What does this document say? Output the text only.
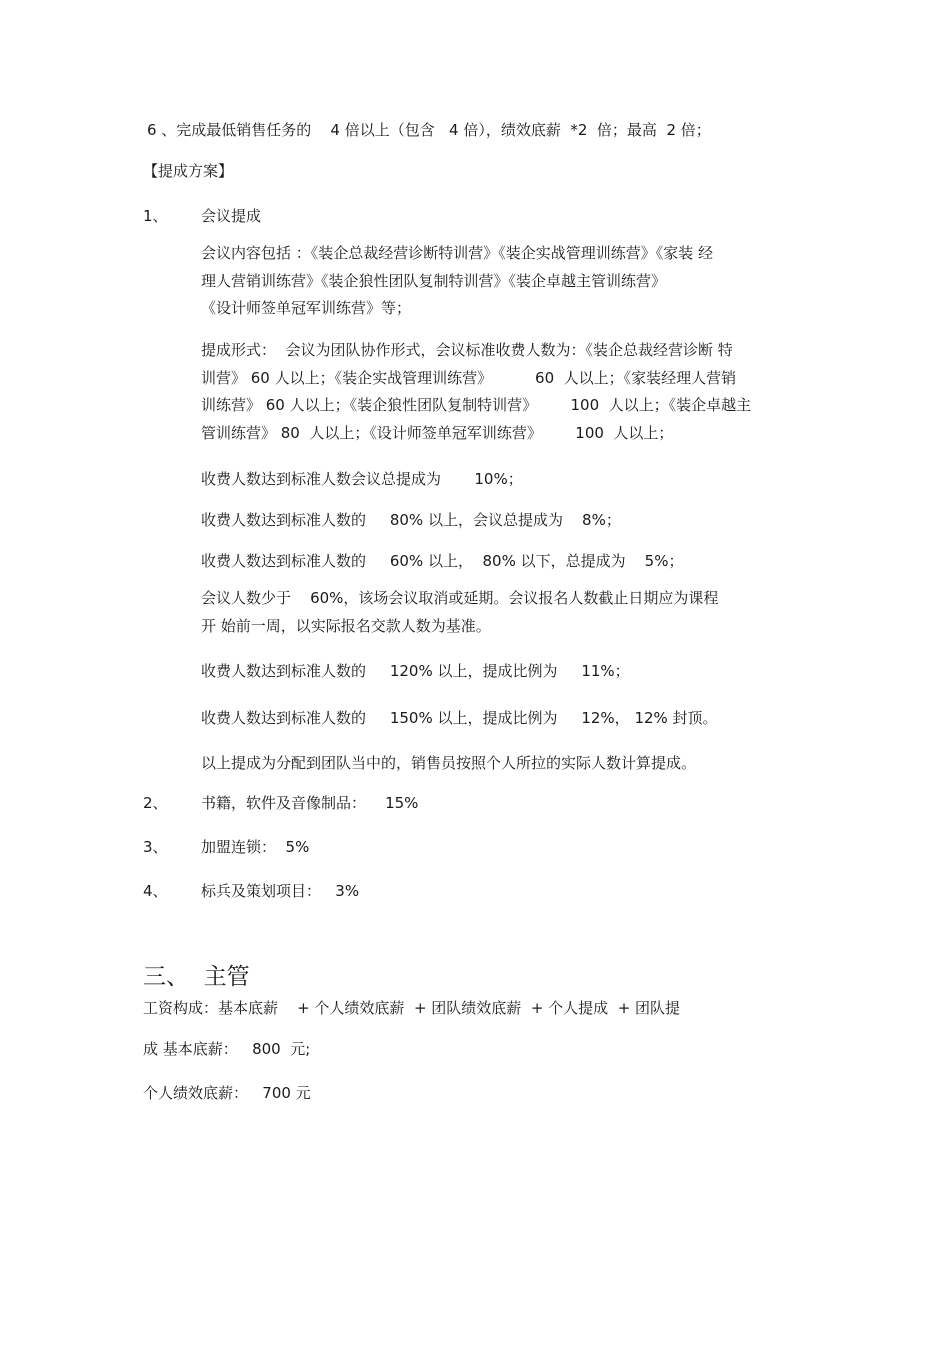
6 、完成最低销售任务的    4 倍以上（包含   4 倍），绩效底薪  *2  倍；最高  2 倍；
【提成方案】
1、 会议提成
会议内容包括 ：《装企总裁经营诊断特训营》《装企实战管理训练营》《家装 经
理人营销训练营》《装企狼性团队复制特训营》《装企卓越主管训练营》
《设计师签单冠军训练营》等；
提成形式：  会议为团队协作形式，会议标准收费人数为：《装企总裁经营诊断 特
训营》 60 人以上；《装企实战管理训练营》         60  人以上；《家装经理人营销
训练营》 60 人以上；《装企狼性团队复制特训营》       100  人以上；《装企卓越主
管训练营》 80  人以上；《设计师签单冠军训练营》       100  人以上；
收费人数达到标准人数会议总提成为       10%；
收费人数达到标准人数的     80% 以上，会议总提成为    8%；
收费人数达到标准人数的     60% 以上，  80% 以下，总提成为    5%；
会议人数少于    60%，该场会议取消或延期。会议报名人数截止日期应为课程
开 始前一周，以实际报名交款人数为基准。
收费人数达到标准人数的     120% 以上，提成比例为     11%；
收费人数达到标准人数的     150% 以上，提成比例为     12%， 12% 封顶。
以上提成为分配到团队当中的，销售员按照个人所拉的实际人数计算提成。
2、 书籍，软件及音像制品：    15%
3、 加盟连锁：  5%
4、 标兵及策划项目：   3%
三、  主管
工资构成：基本底薪    + 个人绩效底薪  + 团队绩效底薪  + 个人提成  + 团队提
成 基本底薪：   800  元;
个人绩效底薪：   700 元
